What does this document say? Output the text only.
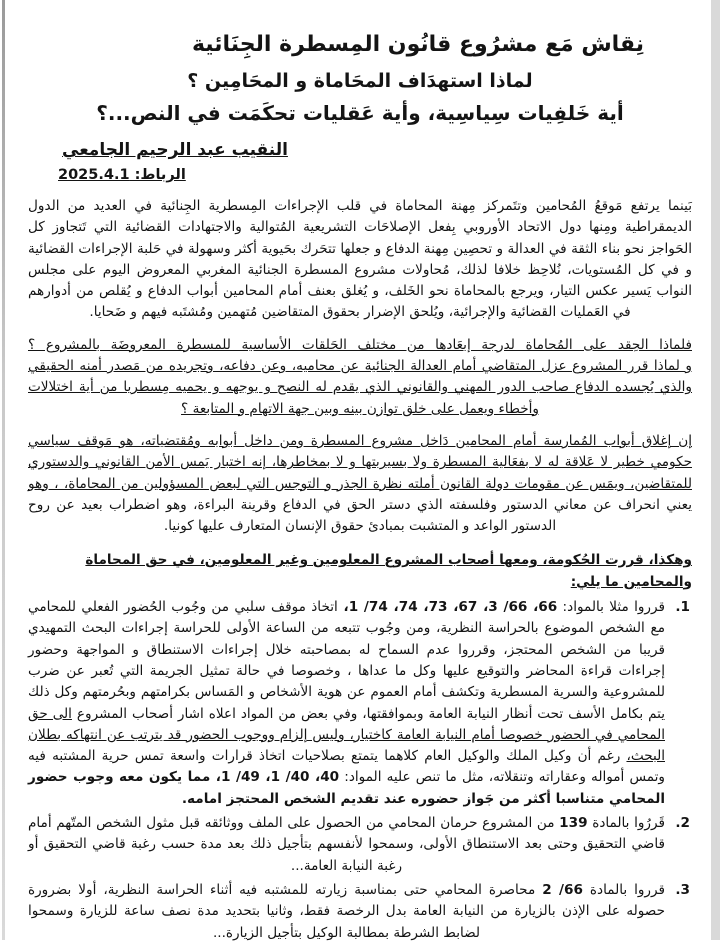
نِقاش مَع مشرُوع قانُون المِسطرة الجِنَائية
لماذا استهدَاف المحَاماة و المحَامِين ؟
أية خَلفِيات سِياسِية، وأية عَقليات تحكَمَت في النص...؟
النقيب عبد الرحيم الجامعي
الرباط: 2025.4.1

بَينما يرتفع مَوقعُ المُحامين وتتَمركز مِهنة المحاماة في قلب الإجراءات المِسطرية الجِنائية في العديد من الدول الديمقراطية ومِنها دول الاتحاد الأوروبي بِفعل الإصلاحَات التشريعية المُتوالية والاجتهادات القضائية التي تَتجاوز كل الحَواجز نحو بناء الثقة في العدالة و تحصِين مِهنة الدفاع و جعلها تتحَرك بحَيوية أكثر وسهولة في حَلبة الإجراءات القضائية و في كل المُستويات، نُلاحِظ خلافا لذلك، مُحاولات مشروع المسطرة الجنائية المغربي المعروض اليوم على مجلس النواب يَسير عكس التيار، ويرجع بالمحاماة نحو الخَلف، و يُغلق بعنف أمام المحامين أبواب الدفاع و يُقلص من أدوارهم في العَمليات القضائية والإجرائية، ويُلحق الإضرار بحقوق المتقاضين مُتهمين ومُشتَبه فيهم و ضَحايا.

فلماذا الحِقد على المُحاماة لدرجة إبعَادها من مختلف الحَلقات الأساسية للمسطرة المعروضَة بالمشروع ؟

و لماذا قرر المشروع عزل المتقاضي أمام العدالة الجنائية عن محاميه، وعن دفاعه، وتجريده من مَصدر أمنه الحقيقي والذي يُجسده الدفاع صاحب الدور المهني والقانوني الذي يقدم له النصح و يوجهه و يحميه مِسطريا من أية اختلالات وأخطاء ويعمل على خلق توازن بينه وبين جهة الاتهام و المتابعة ؟

إن إغلاق أبواب المُمارسة أمام المحامين دَاخل مشروع المسطرة ومن داخل أبوابه ومُقتضياته، هو مَوقف سياسي حكومي خطير لا عَلاقة له لا بفعَالية المسطرة ولا بسيربتها و لا بمخاطرها، إنه اختبار يَمس الأمن القانوني والدستوري للمتقاضين، ويمَس عن مقومات دولة القانون أملته نظرة الجذر و التوجس التي لبعض المسؤولين من المحاماة، ، وهو يعني انحراف عن معاني الدستور وفلسفته الذي دستر الحق في الدفاع وقرينة البراءة، وهو اضطراب بعيد عن روح الدستور الواعد و المتشبت بمبادئ حقوق الإنسان المتعارف عليها كونيا.

وهكذا، قررت الحُكومة، ومعها أصحاب المشروع المعلومين وغير المعلومين، في حق المحاماة والمحامين ما يلي:

1.
قرروا مثلا بالمواد: 66، 66/ 3، 67، 73، 74، 74/ 1، اتخاذ موقف سلبي من وجُوب الحُضور الفعلي للمحامي مع الشخص الموضوع بالحراسة النظرية، ومن وجُوب تتبعه من الساعة الأولى للحراسة إجراءات البحث التمهيدي قريبا من الشخص المحتجز، وقرروا عدم السماح له بمصاحبته خلال إجراءات الاستنطاق و المواجهة وحضور إجراءات قراءة المحاضر والتوقيع عليها وكل ما عداها ، وخصوصا في حالة تمثيل الجريمة التي تُعبر عن ضرب للمشروعية والسرية المسطرية وتكشف أمام العموم عن هوية الأشخاص و المَساس بكرامتهم وبحُرمتهم وكل ذلك يتم بكامل الأسف تحت أنظار النيابة العامة وبموافقتها، وفي بعض من المواد اعلاه اشار أصحاب المشروع الى حق المحامي في الحضور خصوصا أمام النيابة العامة كاختيار، وليس إلزام ووجوب الحضور قد يترتب عن انتهاكه بطلان البحث، رغم أن وكيل الملك والوكيل العام كلاهما يتمتع بصلاحيات اتخاذ قرارات واسعة تمس حرية المشتبه فيه وتمس أمواله وعقاراته وتنقلاته، مثل ما تنص عليه المواد: 40، 40/ 1، 49/ 1، مما يكون معه وجوب حضور المحامي متناسبا أكثر من جَواز حضوره عند تقديم الشخص المحتجز امامه.
2.
قَررُوا بالمادة 139 من المشروع حرمان المحامي من الحصول على الملف ووثائقه قبل مثول الشخص المتّهم أمام قاضي التحقيق وحتى بعد الاستنطاق الأولى، وسمحوا لأنفسهم بتأجيل ذلك بعد مدة حسب رغبة قاضي التحقيق أو رغبة النيابة العامة...
3.
قرروا بالمادة 66/ 2 محاصرة المحامي حتى بمناسبة زيارته للمشتبه فيه أثناء الحراسة النظرية، أولا بضرورة حصوله على الإذن بالزيارة من النيابة العامة بدل الرخصة فقط، وثانيا بتحديد مدة نصف ساعة للزيارة وسمحوا لضابط الشرطة بمطالبة الوكيل بتأجيل الزيارة...
